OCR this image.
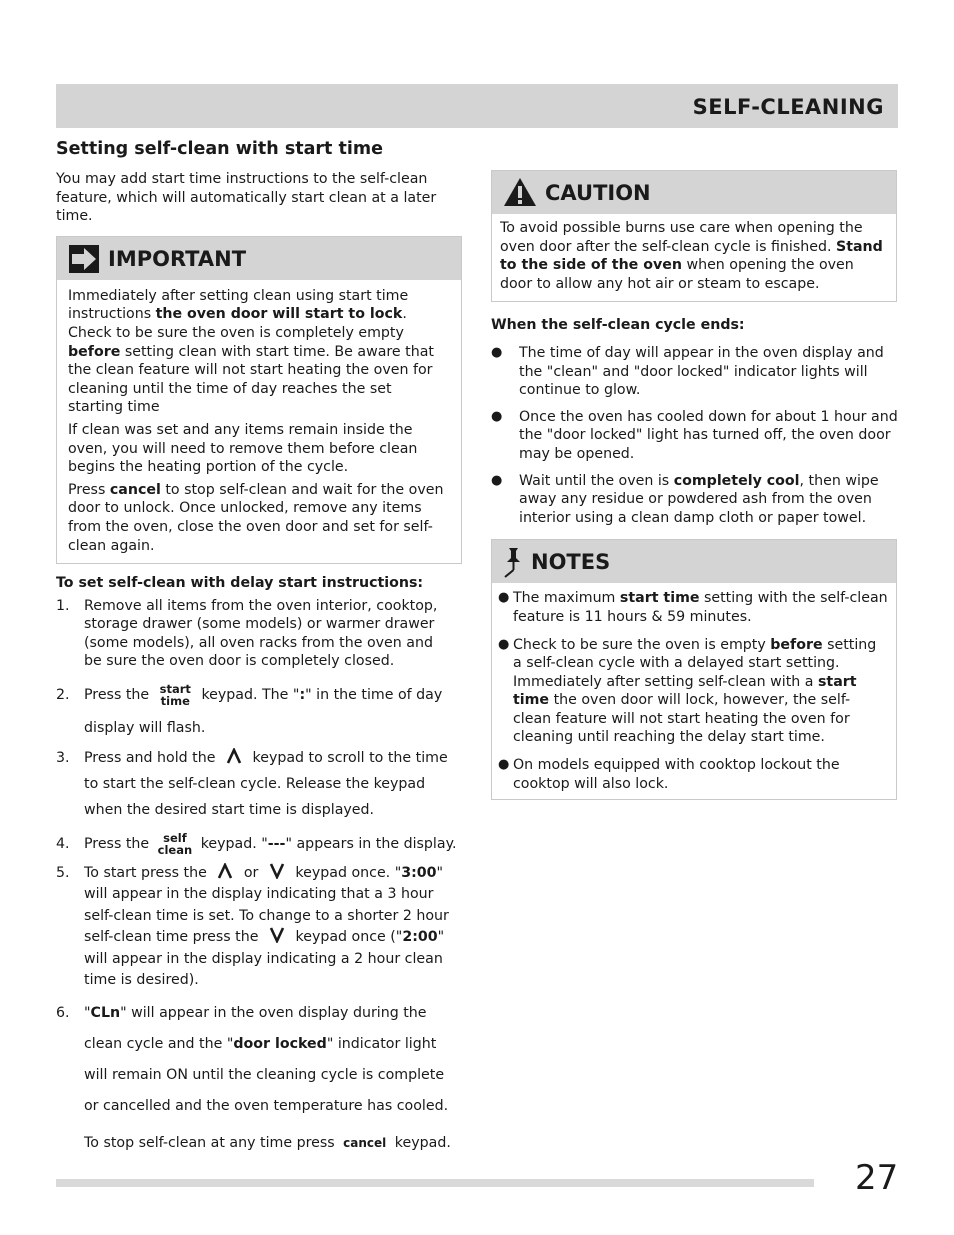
SELF-CLEANING
Setting self-clean with start time

You may add start time instructions to the self-clean feature, which will automatically start clean at a later time.

IMPORTANT

Immediately after setting clean using start time instructions the oven door will start to lock. Check to be sure the oven is completely empty before setting clean with start time. Be aware that the clean feature will not start heating the oven for cleaning until the time of day reaches the set starting time

If clean was set and any items remain inside the oven, you will need to remove them before clean begins the heating portion of the cycle.

Press cancel to stop self-clean and wait for the oven door to unlock. Once unlocked, remove any items from the oven, close the oven door and set for self-clean again.

To set self-clean with delay start instructions:

1. Remove all items from the oven interior, cooktop, storage drawer (some models) or warmer drawer (some models), all oven racks from the oven and be sure the oven door is completely closed.
2. Press the start
time keypad. The ":" in the time of day display will flash.
3. Press and hold the	keypad to scroll to the time to start the self-clean cycle. Release the keypad when the desired start time is displayed.
4. Press the self
clean keypad. "---" appears in the display.
5. To start press the	or	keypad once. "3:00" will appear in the display indicating that a 3 hour self-clean time is set. To change to a shorter 2 hour self-clean time press the	keypad once ("2:00" will appear in the display indicating a 2 hour clean time is desired).
6. "CLn" will appear in the oven display during the clean cycle and the "door locked" indicator light will remain ON until the cleaning cycle is complete or cancelled and the oven temperature has cooled.
To stop self-clean at any time press cancel keypad.
CAUTION

To avoid possible burns use care when opening the oven door after the self-clean cycle is finished. Stand to the side of the oven when opening the oven door to allow any hot air or steam to escape.

When the self-clean cycle ends:

● The time of day will appear in the oven display and the "clean" and "door locked" indicator lights will continue to glow.
● Once the oven has cooled down for about 1 hour and the "door locked" light has turned off, the oven door may be opened.
● Wait until the oven is completely cool, then wipe away any residue or powdered ash from the oven interior using a clean damp cloth or paper towel.
NOTES
● The maximum start time setting with the self-clean feature is 11 hours & 59 minutes.
● Check to be sure the oven is empty before setting a self-clean cycle with a delayed start setting. Immediately after setting self-clean with a start time the oven door will lock, however, the self-clean feature will not start heating the oven for cleaning until reaching the delay start time.
● On models equipped with cooktop lockout the cooktop will also lock.
27
